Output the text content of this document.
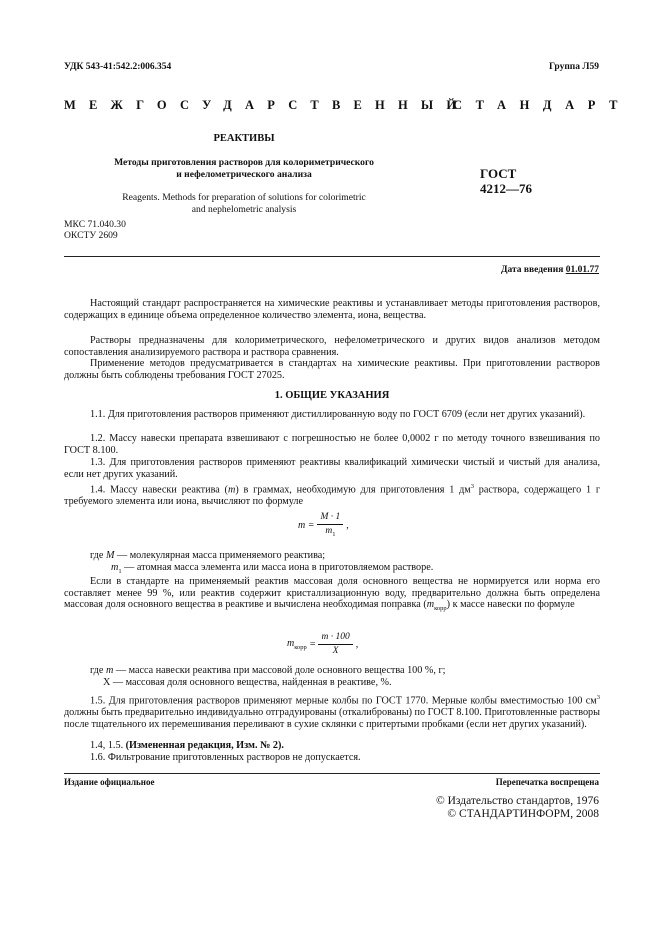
УДК 543-41:542.2:006.354	Группа Л59
МЕЖГОСУДАРСТВЕННЫЙ
СТАНДАРТ
РЕАКТИВЫ
Методы приготовления растворов для колориметрического
и нефелометрического анализа
Reagents. Methods for preparation of solutions for colorimetric
and nephelometric analysis
МКС 71.040.30
ОКСТУ 2609
ГОСТ
4212—76
Дата введения 01.01.77
Настоящий стандарт распространяется на химические реактивы и устанавливает методы приготовления растворов, содержащих в единице объема определенное количество элемента, иона, вещества.
Растворы предназначены для колориметрического, нефелометрического и других видов анализов методом сопоставления анализируемого раствора и раствора сравнения.
Применение методов предусматривается в стандартах на химические реактивы. При приготовлении растворов должны быть соблюдены требования ГОСТ 27025.
1. ОБЩИЕ УКАЗАНИЯ
1.1. Для приготовления растворов применяют дистиллированную воду по ГОСТ 6709 (если нет других указаний).
1.2. Массу навески препарата взвешивают с погрешностью не более 0,0002 г по методу точного взвешивания по ГОСТ 8.100.
1.3. Для приготовления растворов применяют реактивы квалификаций химически чистый и чистый для анализа, если нет других указаний.
1.4. Массу навески реактива (m) в граммах, необходимую для приготовления 1 $дм^3$ раствора, содержащего 1 г требуемого элемента или иона, вычисляют по формуле
$m = \frac{M \cdot 1}{m_1}$ ,
где M — молекулярная масса применяемого реактива;
$m_1$ — атомная масса элемента или масса иона в приготовляемом растворе.
Если в стандарте на применяемый реактив массовая доля основного вещества не нормируется или норма его составляет менее 99 %, или реактив содержит кристаллизационную воду, предварительно должна быть определена массовая доля основного вещества в реактиве и вычислена необходимая поправка $(m_{корр})$ к массе навески по формуле
$m_{корр} = \frac{m \cdot 100}{X}$ ,
где m — масса навески реактива при массовой доле основного вещества 100 %, г;
Х — массовая доля основного вещества, найденная в реактиве, %.
1.5. Для приготовления растворов применяют мерные колбы по ГОСТ 1770. Мерные колбы вместимостью 100 $см^3$ должны быть предварительно индивидуально отградуированы (откалиброваны) по ГОСТ 8.100. Приготовленные растворы после тщательного их перемешивания переливают в сухие склянки с притертыми пробками (если нет других указаний).
1.4, 1.5. (Измененная редакция, Изм. № 2).
1.6. Фильтрование приготовленных растворов не допускается.
Издание официальное	Перепечатка воспрещена
© Издательство стандартов, 1976
© СТАНДАРТИНФОРМ, 2008
